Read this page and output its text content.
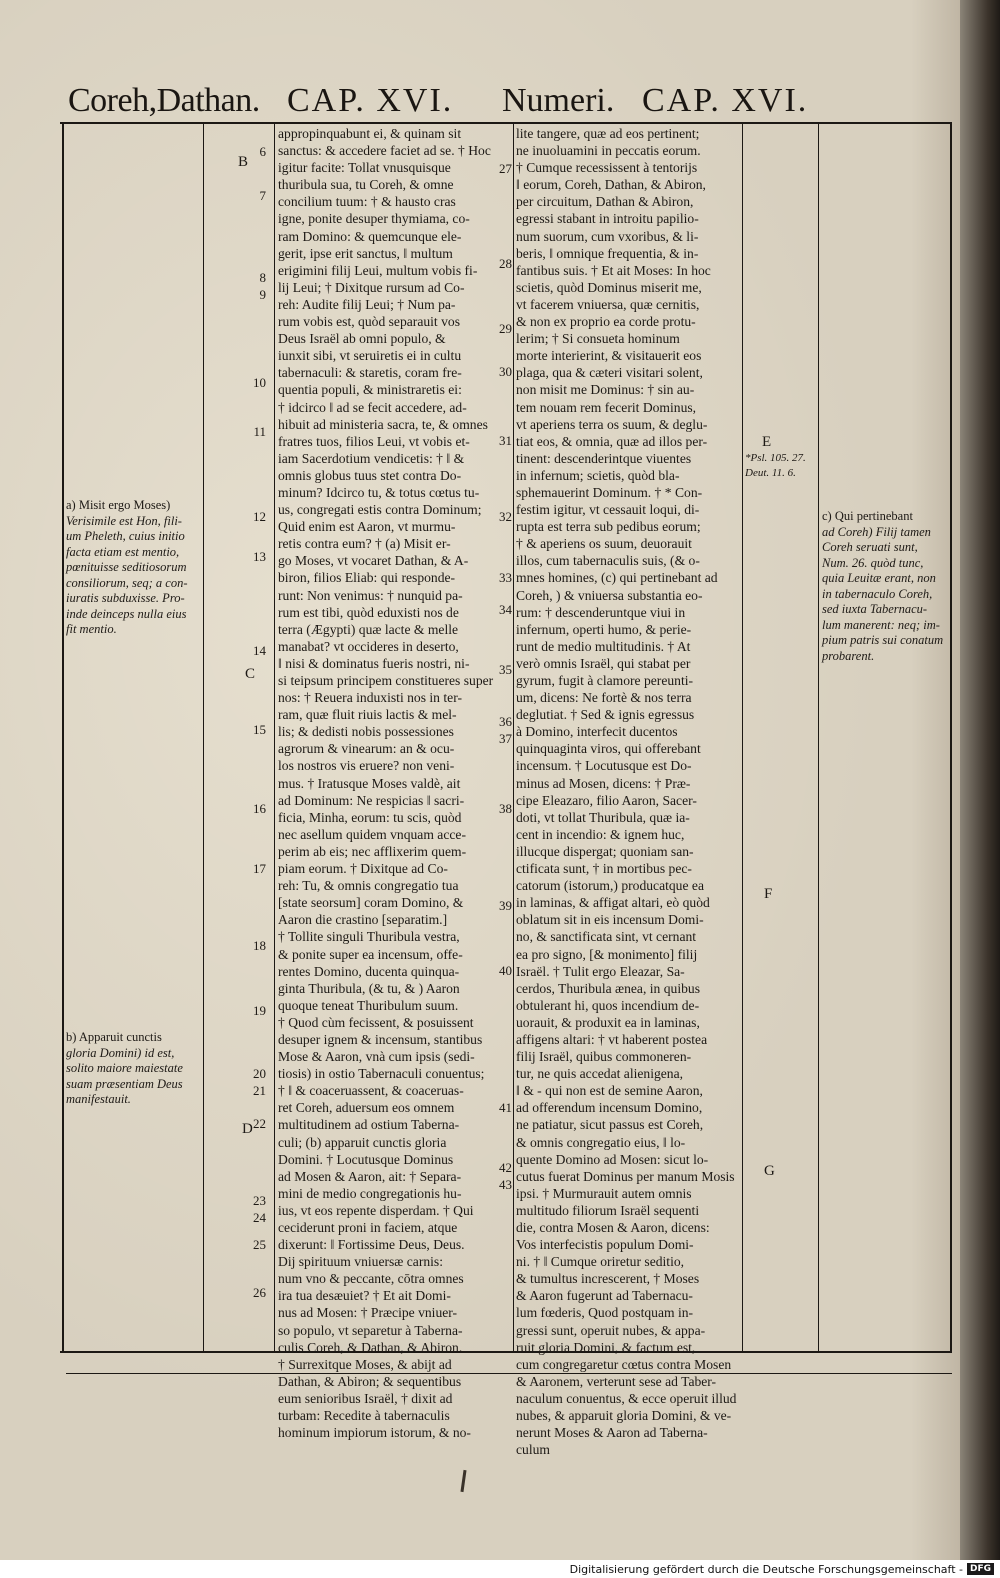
Coreh,Dathan. CAP. XVI. Numeri. CAP. XVI.
appropinquabunt ei, & quinam sit
sanctus: & accedere faciet ad se. † Hoc
igitur facite: Tollat vnusquisque
thuribula sua, tu Coreh, & omne
concilium tuum: † & hausto cras
igne, ponite desuper thymiama, co-
ram Domino: & quemcunque ele-
gerit, ipse erit sanctus, ‖ multum
erigimini filij Leui, multum vobis fi-
lij Leui; † Dixitque rursum ad Co-
reh: Audite filij Leui; † Num pa-
rum vobis est, quòd separauit vos
Deus Israël ab omni populo, &
iunxit sibi, vt seruiretis ei in cultu
tabernaculi: & staretis, coram fre-
quentia populi, & ministraretis ei:
† idcirco ‖ ad se fecit accedere, ad-
hibuit ad ministeria sacra, te, & omnes
fratres tuos, filios Leui, vt vobis et-
iam Sacerdotium vendicetis: † ‖ &
omnis globus tuus stet contra Do-
minum? Idcirco tu, & totus cœtus tu-
us, congregati estis contra Dominum;
Quid enim est Aaron, vt murmu-
retis contra eum? † (a) Misit er-
go Moses, vt vocaret Dathan, & A-
biron, filios Eliab: qui responde-
runt: Non venimus: † nunquid pa-
rum est tibi, quòd eduxisti nos de
terra (Ægypti) quæ lacte & melle
manabat? vt occideres in deserto,
‖ nisi & dominatus fueris nostri, ni-
si teipsum principem constitueres super
nos: † Reuera induxisti nos in ter-
ram, quæ fluit riuis lactis & mel-
lis; & dedisti nobis possessiones
agrorum & vinearum: an & ocu-
los nostros vis eruere? non veni-
mus. † Iratusque Moses valdè, ait
ad Dominum: Ne respicias ‖ sacri-
ficia, Minha, eorum: tu scis, quòd
nec asellum quidem vnquam acce-
perim ab eis; nec afflixerim quem-
piam eorum. † Dixitque ad Co-
reh: Tu, & omnis congregatio tua
[state seorsum] coram Domino, &
Aaron die crastino [separatim.]
† Tollite singuli Thuribula vestra,
& ponite super ea incensum, offe-
rentes Domino, ducenta quinqua-
ginta Thuribula, (& tu, & ) Aaron
quoque teneat Thuribulum suum.
† Quod cùm fecissent, & posuissent
desuper ignem & incensum, stantibus
Mose & Aaron, vnà cum ipsis (sedi-
tiosis) in ostio Tabernaculi conuentus;
† ‖ & coaceruassent, & coaceruas-
ret Coreh, aduersum eos omnem
multitudinem ad ostium Taberna-
culi; (b) apparuit cunctis gloria
Domini. † Locutusque Dominus
ad Mosen & Aaron, ait: † Separa-
mini de medio congregationis hu-
ius, vt eos repente disperdam. † Qui
ceciderunt proni in faciem, atque
dixerunt: ‖ Fortissime Deus, Deus.
Dij spirituum vniuersæ carnis:
num vno & peccante, cōtra omnes
ira tua desæuiet? † Et ait Domi-
nus ad Mosen: † Præcipe vniuer-
so populo, vt separetur à Taberna-
culis Coreh, & Dathan, & Abiron.
† Surrexitque Moses, & abijt ad
Dathan, & Abiron; & sequentibus
eum senioribus Israël, † dixit ad
turbam: Recedite à tabernaculis
hominum impiorum istorum, & no-
lite tangere, quæ ad eos pertinent;
ne inuoluamini in peccatis eorum.
† Cumque recessissent à tentorijs
‖ eorum, Coreh, Dathan, & Abiron,
per circuitum, Dathan & Abiron,
egressi stabant in introitu papilio-
num suorum, cum vxoribus, & li-
beris, ‖ omnique frequentia, & in-
fantibus suis. † Et ait Moses: In hoc
scietis, quòd Dominus miserit me,
vt facerem vniuersa, quæ cernitis,
& non ex proprio ea corde protu-
lerim; † Si consueta hominum
morte interierint, & visitauerit eos
plaga, qua & cæteri visitari solent,
non misit me Dominus: † sin au-
tem nouam rem fecerit Dominus,
vt aperiens terra os suum, & deglu-
tiat eos, & omnia, quæ ad illos per-
tinent: descenderintque viuentes
in infernum; scietis, quòd bla-
sphemauerint Dominum. † * Con-
festim igitur, vt cessauit loqui, di-
rupta est terra sub pedibus eorum;
† & aperiens os suum, deuorauit
illos, cum tabernaculis suis, (& o-
mnes homines, (c) qui pertinebant ad
Coreh, ) & vniuersa substantia eo-
rum: † descenderuntque viui in
infernum, operti humo, & perie-
runt de medio multitudinis. † At
verò omnis Israël, qui stabat per
gyrum, fugit à clamore pereunti-
um, dicens: Ne fortè & nos terra
deglutiat. † Sed & ignis egressus
à Domino, interfecit ducentos
quinquaginta viros, qui offerebant
incensum. † Locutusque est Do-
minus ad Mosen, dicens: † Præ-
cipe Eleazaro, filio Aaron, Sacer-
doti, vt tollat Thuribula, quæ ia-
cent in incendio: & ignem huc,
illucque dispergat; quoniam san-
ctificata sunt, † in mortibus pec-
catorum (istorum,) producatque ea
in laminas, & affigat altari, eò quòd
oblatum sit in eis incensum Domi-
no, & sanctificata sint, vt cernant
ea pro signo, [& monimento] filij
Israël. † Tulit ergo Eleazar, Sa-
cerdos, Thuribula ænea, in quibus
obtulerant hi, quos incendium de-
uorauit, & produxit ea in laminas,
affigens altari: † vt haberent postea
filij Israël, quibus commoneren-
tur, ne quis accedat alienigena,
‖ & - qui non est de semine Aaron,
ad offerendum incensum Domino,
ne patiatur, sicut passus est Coreh,
& omnis congregatio eius, ‖ lo-
quente Domino ad Mosen: sicut lo-
cutus fuerat Dominus per manum Mosis
ipsi. † Murmurauit autem omnis
multitudo filiorum Israël sequenti
die, contra Mosen & Aaron, dicens:
Vos interfecistis populum Domi-
ni. † ‖ Cumque oriretur seditio,
& tumultus increscerent, † Moses
& Aaron fugerunt ad Tabernacu-
lum fœderis, Quod postquam in-
gressi sunt, operuit nubes, & appa-
ruit gloria Domini, & factum est,
cum congregaretur cœtus contra Mosen
& Aaronem, verterunt sese ad Taber-
naculum conuentus, & ecce operuit illud
nubes, & apparuit gloria Domini, & ve-
nerunt Moses & Aaron ad Taberna-
culum
6
7
8
9
10
11
12
13
14
15
16
17
18
19
20
21
22
23
24
25
26
27
28
29
30
31
32
33
34
35
36
37
38
39
40
41
42
43
B
C
D
E
F
G
*Psl. 105. 27.
Deut. 11. 6.
a) Misit ergo Moses)
Verisimile est Hon, fili-
um Pheleth, cuius initio
facta etiam est mentio,
pœnituisse seditiosorum
consiliorum, seq; a con-
iuratis subduxisse. Pro-
inde deinceps nulla eius
fit mentio.
b) Apparuit cunctis
gloria Domini) id est,
solito maiore maiestate
suam præsentiam Deus
manifestauit.
c) Qui pertinebant
ad Coreh) Filij tamen
Coreh seruati sunt,
Num. 26. quòd tunc,
quia Leuitæ erant, non
in tabernaculo Coreh,
sed iuxta Tabernacu-
lum manerent: neq; im-
pium patris sui conatum
probarent.
Digitalisierung gefördert durch die Deutsche Forschungsgemeinschaft - DFG
